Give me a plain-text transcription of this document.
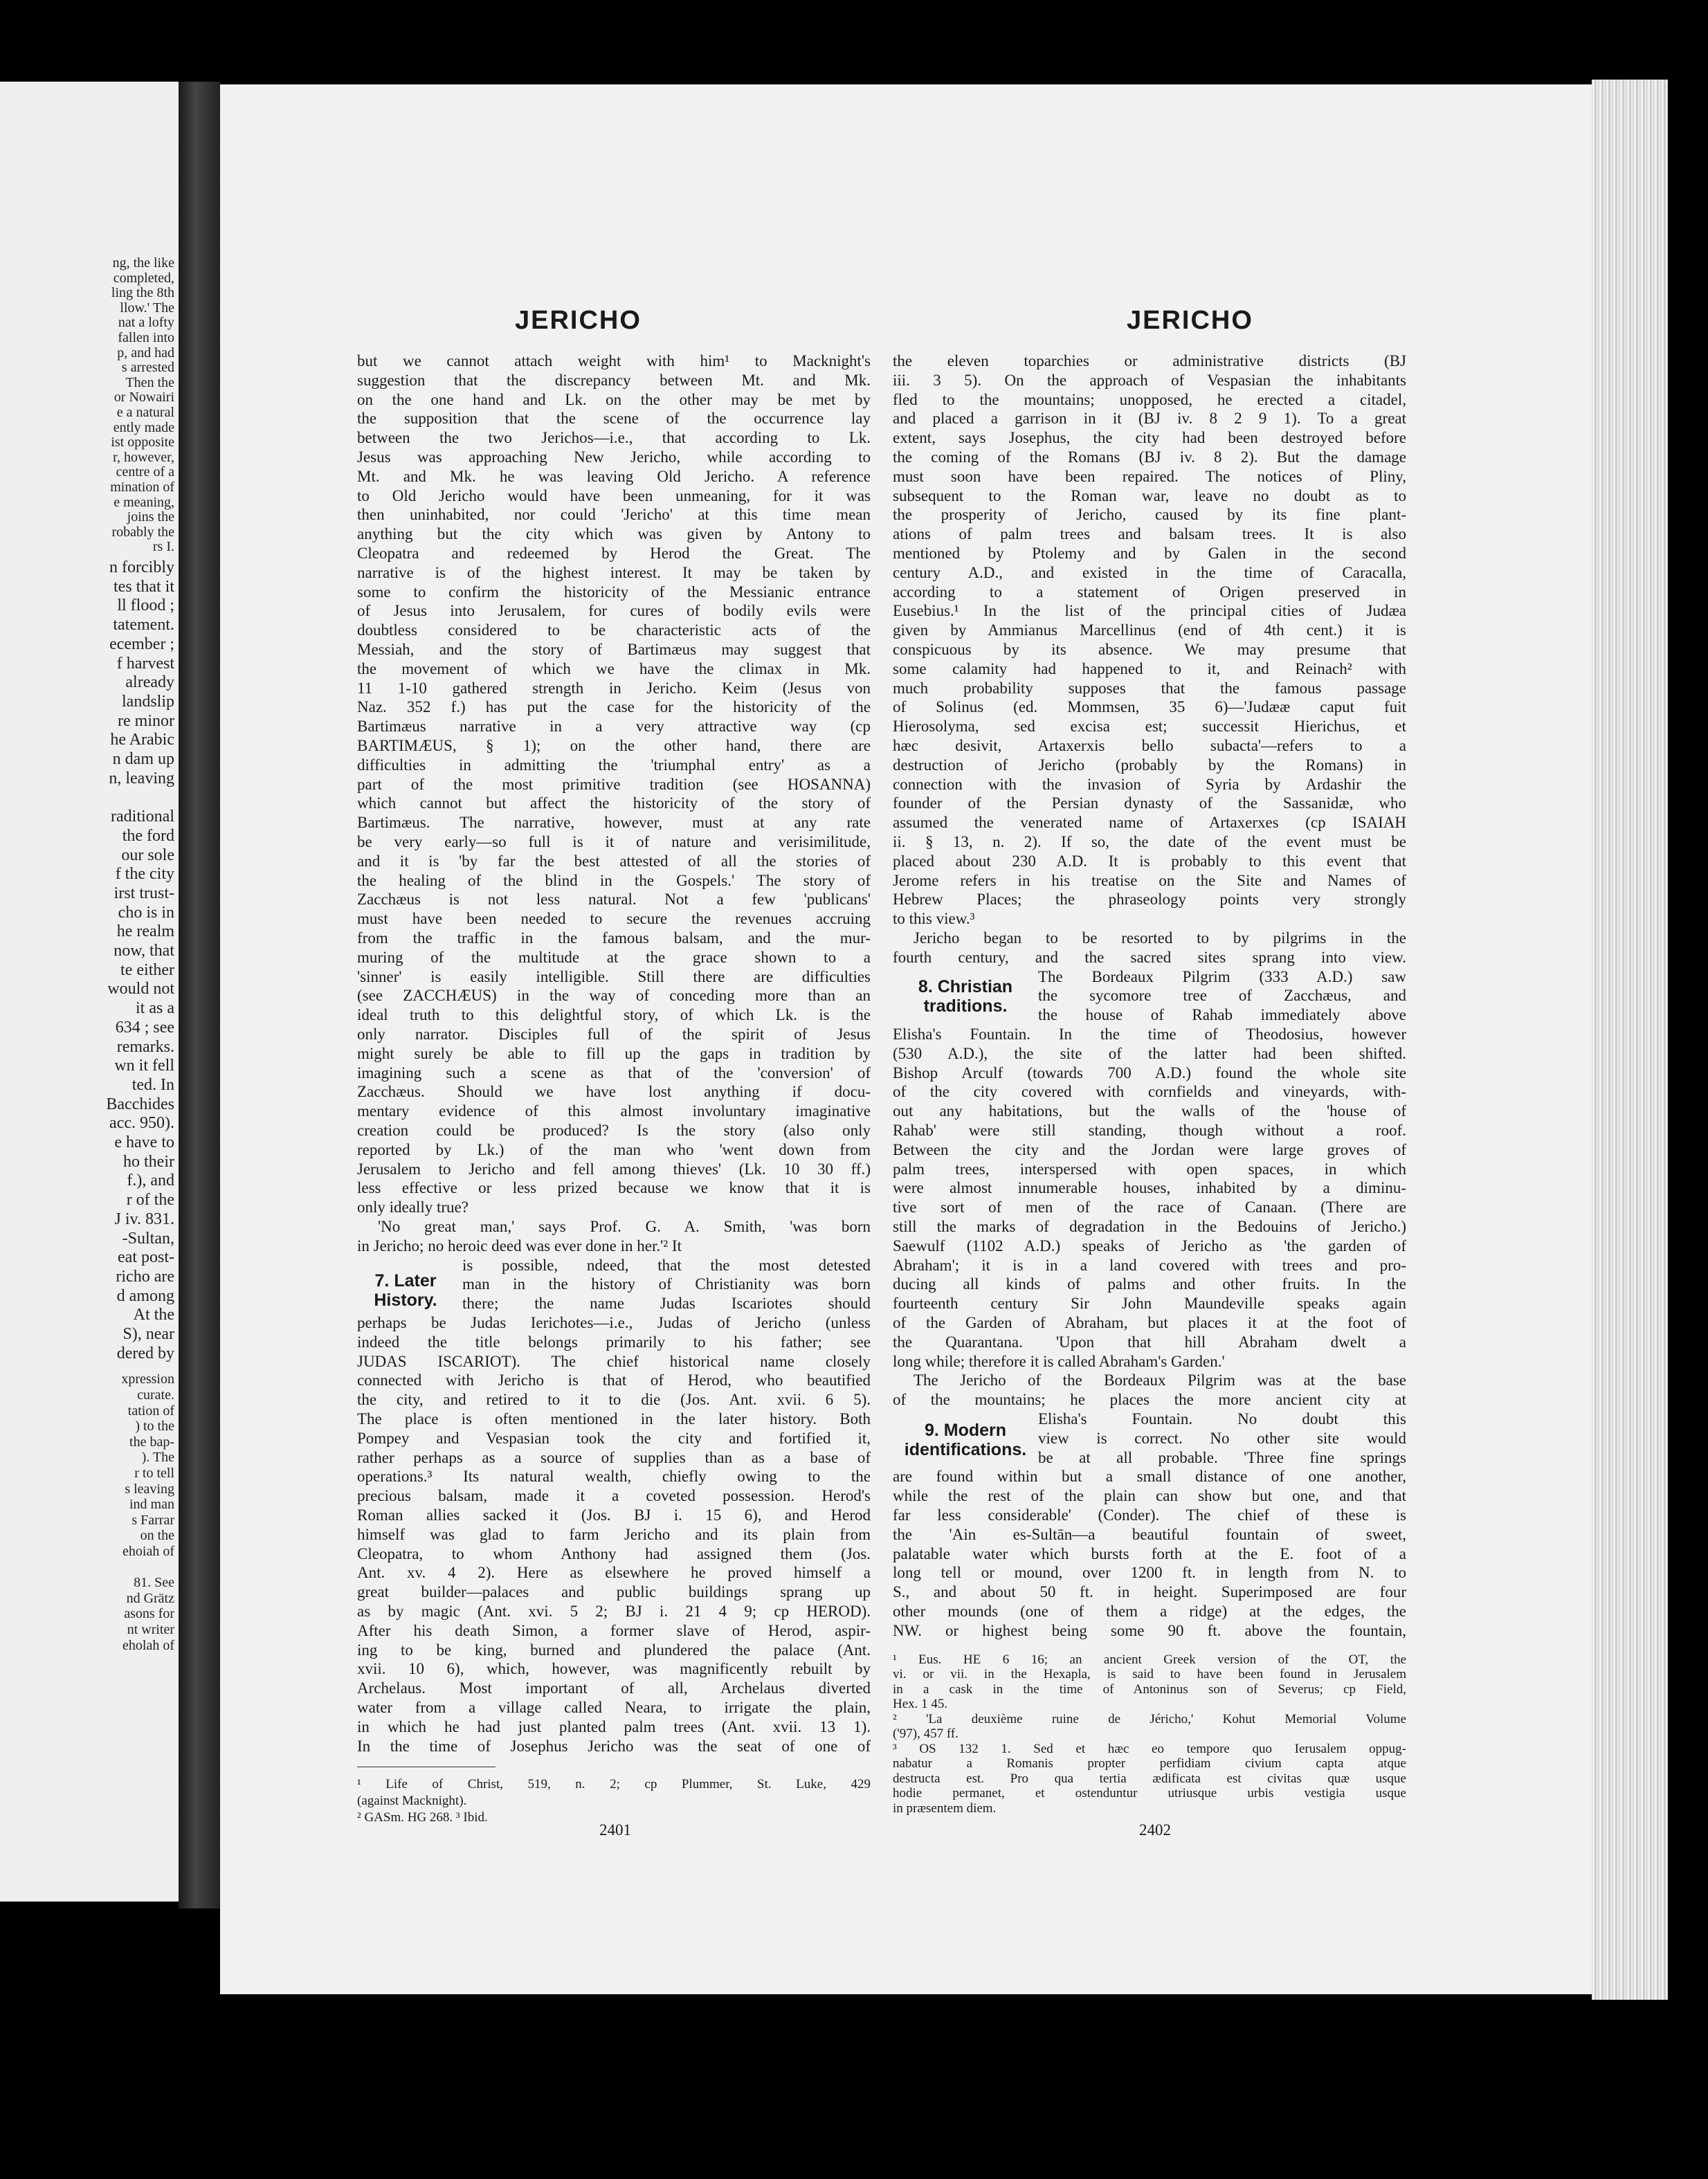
ng, the like
completed,
ling the 8th
llow.' The
nat a lofty
fallen into
p, and had
s arrested
Then the
or Nowairi
e a natural
ently made
ist opposite
r, however,
centre of a
mination of
e meaning,
joins the
robably the
rs I.
n forcibly
tes that it
ll flood ;
tatement.
ecember ;
f harvest
already
landslip
re minor
he Arabic
n dam up
n, leaving
raditional
the ford
our sole
f the city
irst trust-
cho is in
he realm
now, that
te either
would not
it as a
634 ; see
remarks.
wn it fell
ted. In
Bacchides
acc. 950).
e have to
ho their
f.), and
r of the
J iv. 831.
-Sultan,
eat post-
richo are
d among
At the
S), near
dered by
xpression
curate.
tation of
) to the
the bap-
). The
r to tell
s leaving
ind man
s Farrar
on the
ehoiah of
81. See
nd Grätz
asons for
nt writer
eholah of
JERICHO	JERICHO
but we cannot attach weight with him¹ to Macknight's
suggestion that the discrepancy between Mt. and Mk.
on the one hand and Lk. on the other may be met by
the supposition that the scene of the occurrence lay
between the two Jerichos—i.e., that according to Lk.
Jesus was approaching New Jericho, while according to
Mt. and Mk. he was leaving Old Jericho. A reference
to Old Jericho would have been unmeaning, for it was
then uninhabited, nor could 'Jericho' at this time mean
anything but the city which was given by Antony to
Cleopatra and redeemed by Herod the Great. The
narrative is of the highest interest. It may be taken by
some to confirm the historicity of the Messianic entrance
of Jesus into Jerusalem, for cures of bodily evils were
doubtless considered to be characteristic acts of the
Messiah, and the story of Bartimæus may suggest that
the movement of which we have the climax in Mk.
11 1-10 gathered strength in Jericho. Keim (Jesus von
Naz. 352 f.) has put the case for the historicity of the
Bartimæus narrative in a very attractive way (cp
BARTIMÆUS, § 1); on the other hand, there are
difficulties in admitting the 'triumphal entry' as a
part of the most primitive tradition (see HOSANNA)
which cannot but affect the historicity of the story of
Bartimæus. The narrative, however, must at any rate
be very early—so full is it of nature and verisimilitude,
and it is 'by far the best attested of all the stories of
the healing of the blind in the Gospels.' The story of
Zacchæus is not less natural. Not a few 'publicans'
must have been needed to secure the revenues accruing
from the traffic in the famous balsam, and the mur-
muring of the multitude at the grace shown to a
'sinner' is easily intelligible. Still there are difficulties
(see ZACCHÆUS) in the way of conceding more than an
ideal truth to this delightful story, of which Lk. is the
only narrator. Disciples full of the spirit of Jesus
might surely be able to fill up the gaps in tradition by
imagining such a scene as that of the 'conversion' of
Zacchæus. Should we have lost anything if docu-
mentary evidence of this almost involuntary imaginative
creation could be produced? Is the story (also only
reported by Lk.) of the man who 'went down from
Jerusalem to Jericho and fell among thieves' (Lk. 10 30 ff.)
less effective or less prized because we know that it is
only ideally true?
'No great man,' says Prof. G. A. Smith, 'was born
in Jericho; no heroic deed was ever done in her.'² It
7. Later History.
is possible, ndeed, that the most detested
man in the history of Christianity was born
there; the name Judas Iscariotes should
perhaps be Judas Ierichotes—i.e., Judas of Jericho (unless
indeed the title belongs primarily to his father; see
JUDAS ISCARIOT). The chief historical name closely
connected with Jericho is that of Herod, who beautified
the city, and retired to it to die (Jos. Ant. xvii. 6 5).
The place is often mentioned in the later history. Both
Pompey and Vespasian took the city and fortified it,
rather perhaps as a source of supplies than as a base of
operations.³ Its natural wealth, chiefly owing to the
precious balsam, made it a coveted possession. Herod's
Roman allies sacked it (Jos. BJ i. 15 6), and Herod
himself was glad to farm Jericho and its plain from
Cleopatra, to whom Anthony had assigned them (Jos.
Ant. xv. 4 2). Here as elsewhere he proved himself a
great builder—palaces and public buildings sprang up
as by magic (Ant. xvi. 5 2; BJ i. 21 4 9; cp HEROD).
After his death Simon, a former slave of Herod, aspir-
ing to be king, burned and plundered the palace (Ant.
xvii. 10 6), which, however, was magnificently rebuilt by
Archelaus. Most important of all, Archelaus diverted
water from a village called Neara, to irrigate the plain,
in which he had just planted palm trees (Ant. xvii. 13 1).
In the time of Josephus Jericho was the seat of one of
¹ Life of Christ, 519, n. 2; cp Plummer, St. Luke, 429
(against Macknight).
² GASm. HG 268. ³ Ibid.
the eleven toparchies or administrative districts (BJ
iii. 3 5). On the approach of Vespasian the inhabitants
fled to the mountains; unopposed, he erected a citadel,
and placed a garrison in it (BJ iv. 8 2 9 1). To a great
extent, says Josephus, the city had been destroyed before
the coming of the Romans (BJ iv. 8 2). But the damage
must soon have been repaired. The notices of Pliny,
subsequent to the Roman war, leave no doubt as to
the prosperity of Jericho, caused by its fine plant-
ations of palm trees and balsam trees. It is also
mentioned by Ptolemy and by Galen in the second
century A.D., and existed in the time of Caracalla,
according to a statement of Origen preserved in
Eusebius.¹ In the list of the principal cities of Judæa
given by Ammianus Marcellinus (end of 4th cent.) it is
conspicuous by its absence. We may presume that
some calamity had happened to it, and Reinach² with
much probability supposes that the famous passage
of Solinus (ed. Mommsen, 35 6)—'Judææ caput fuit
Hierosolyma, sed excisa est; successit Hierichus, et
hæc desivit, Artaxerxis bello subacta'—refers to a
destruction of Jericho (probably by the Romans) in
connection with the invasion of Syria by Ardashir the
founder of the Persian dynasty of the Sassanidæ, who
assumed the venerated name of Artaxerxes (cp ISAIAH
ii. § 13, n. 2). If so, the date of the event must be
placed about 230 A.D. It is probably to this event that
Jerome refers in his treatise on the Site and Names of
Hebrew Places; the phraseology points very strongly
to this view.³
Jericho began to be resorted to by pilgrims in the
fourth century, and the sacred sites sprang into view.
8. Christian traditions.
The Bordeaux Pilgrim (333 A.D.) saw
the sycomore tree of Zacchæus, and
the house of Rahab immediately above
Elisha's Fountain. In the time of Theodosius, however
(530 A.D.), the site of the latter had been shifted.
Bishop Arculf (towards 700 A.D.) found the whole site
of the city covered with cornfields and vineyards, with-
out any habitations, but the walls of the 'house of
Rahab' were still standing, though without a roof.
Between the city and the Jordan were large groves of
palm trees, interspersed with open spaces, in which
were almost innumerable houses, inhabited by a diminu-
tive sort of men of the race of Canaan. (There are
still the marks of degradation in the Bedouins of Jericho.)
Saewulf (1102 A.D.) speaks of Jericho as 'the garden of
Abraham'; it is in a land covered with trees and pro-
ducing all kinds of palms and other fruits. In the
fourteenth century Sir John Maundeville speaks again
of the Garden of Abraham, but places it at the foot of
the Quarantana. 'Upon that hill Abraham dwelt a
long while; therefore it is called Abraham's Garden.'
The Jericho of the Bordeaux Pilgrim was at the base
of the mountains; he places the more ancient city at
9. Modern identifications.
Elisha's Fountain. No doubt this
view is correct. No other site would
be at all probable. 'Three fine springs
are found within but a small distance of one another,
while the rest of the plain can show but one, and that
far less considerable' (Conder). The chief of these is
the 'Ain es-Sultān—a beautiful fountain of sweet,
palatable water which bursts forth at the E. foot of a
long tell or mound, over 1200 ft. in length from N. to
S., and about 50 ft. in height. Superimposed are four
other mounds (one of them a ridge) at the edges, the
NW. or highest being some 90 ft. above the fountain,
¹ Eus. HE 6 16; an ancient Greek version of the OT, the
vi. or vii. in the Hexapla, is said to have been found in Jerusalem
in a cask in the time of Antoninus son of Severus; cp Field,
Hex. 1 45.
² 'La deuxième ruine de Jéricho,' Kohut Memorial Volume
('97), 457 ff.
³ OS 132 1. Sed et hæc eo tempore quo Ierusalem oppug-
nabatur a Romanis propter perfidiam civium capta atque
destructa est. Pro qua tertia ædificata est civitas quæ usque
hodie permanet, et ostenduntur utriusque urbis vestigia usque
in præsentem diem.
2401	2402
